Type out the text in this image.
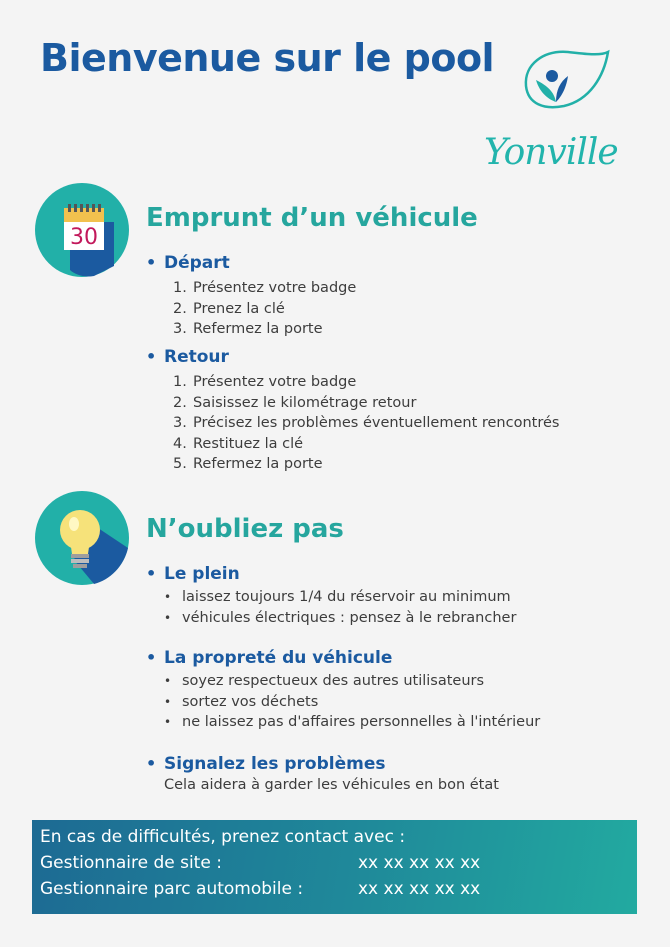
Bienvenue sur le pool
Yonville
30
Emprunt d’un véhicule
• Départ
1. Présentez votre badge
2. Prenez la clé
3. Refermez la porte
• Retour
1. Présentez votre badge
2. Saisissez le kilométrage retour
3. Précisez les problèmes éventuellement rencontrés
4. Restituez la clé
5. Refermez la porte
N’oubliez pas
• Le plein
• laissez toujours 1/4 du réservoir au minimum
• véhicules électriques : pensez à le rebrancher
• La propreté du véhicule
• soyez respectueux des autres utilisateurs
• sortez vos déchets
• ne laissez pas d'affaires personnelles à l'intérieur
• Signalez les problèmes
Cela aidera à garder les véhicules en bon état
En cas de difficultés, prenez contact avec :
Gestionnaire de site :	xx xx xx xx xx
Gestionnaire parc automobile :	xx xx xx xx xx
